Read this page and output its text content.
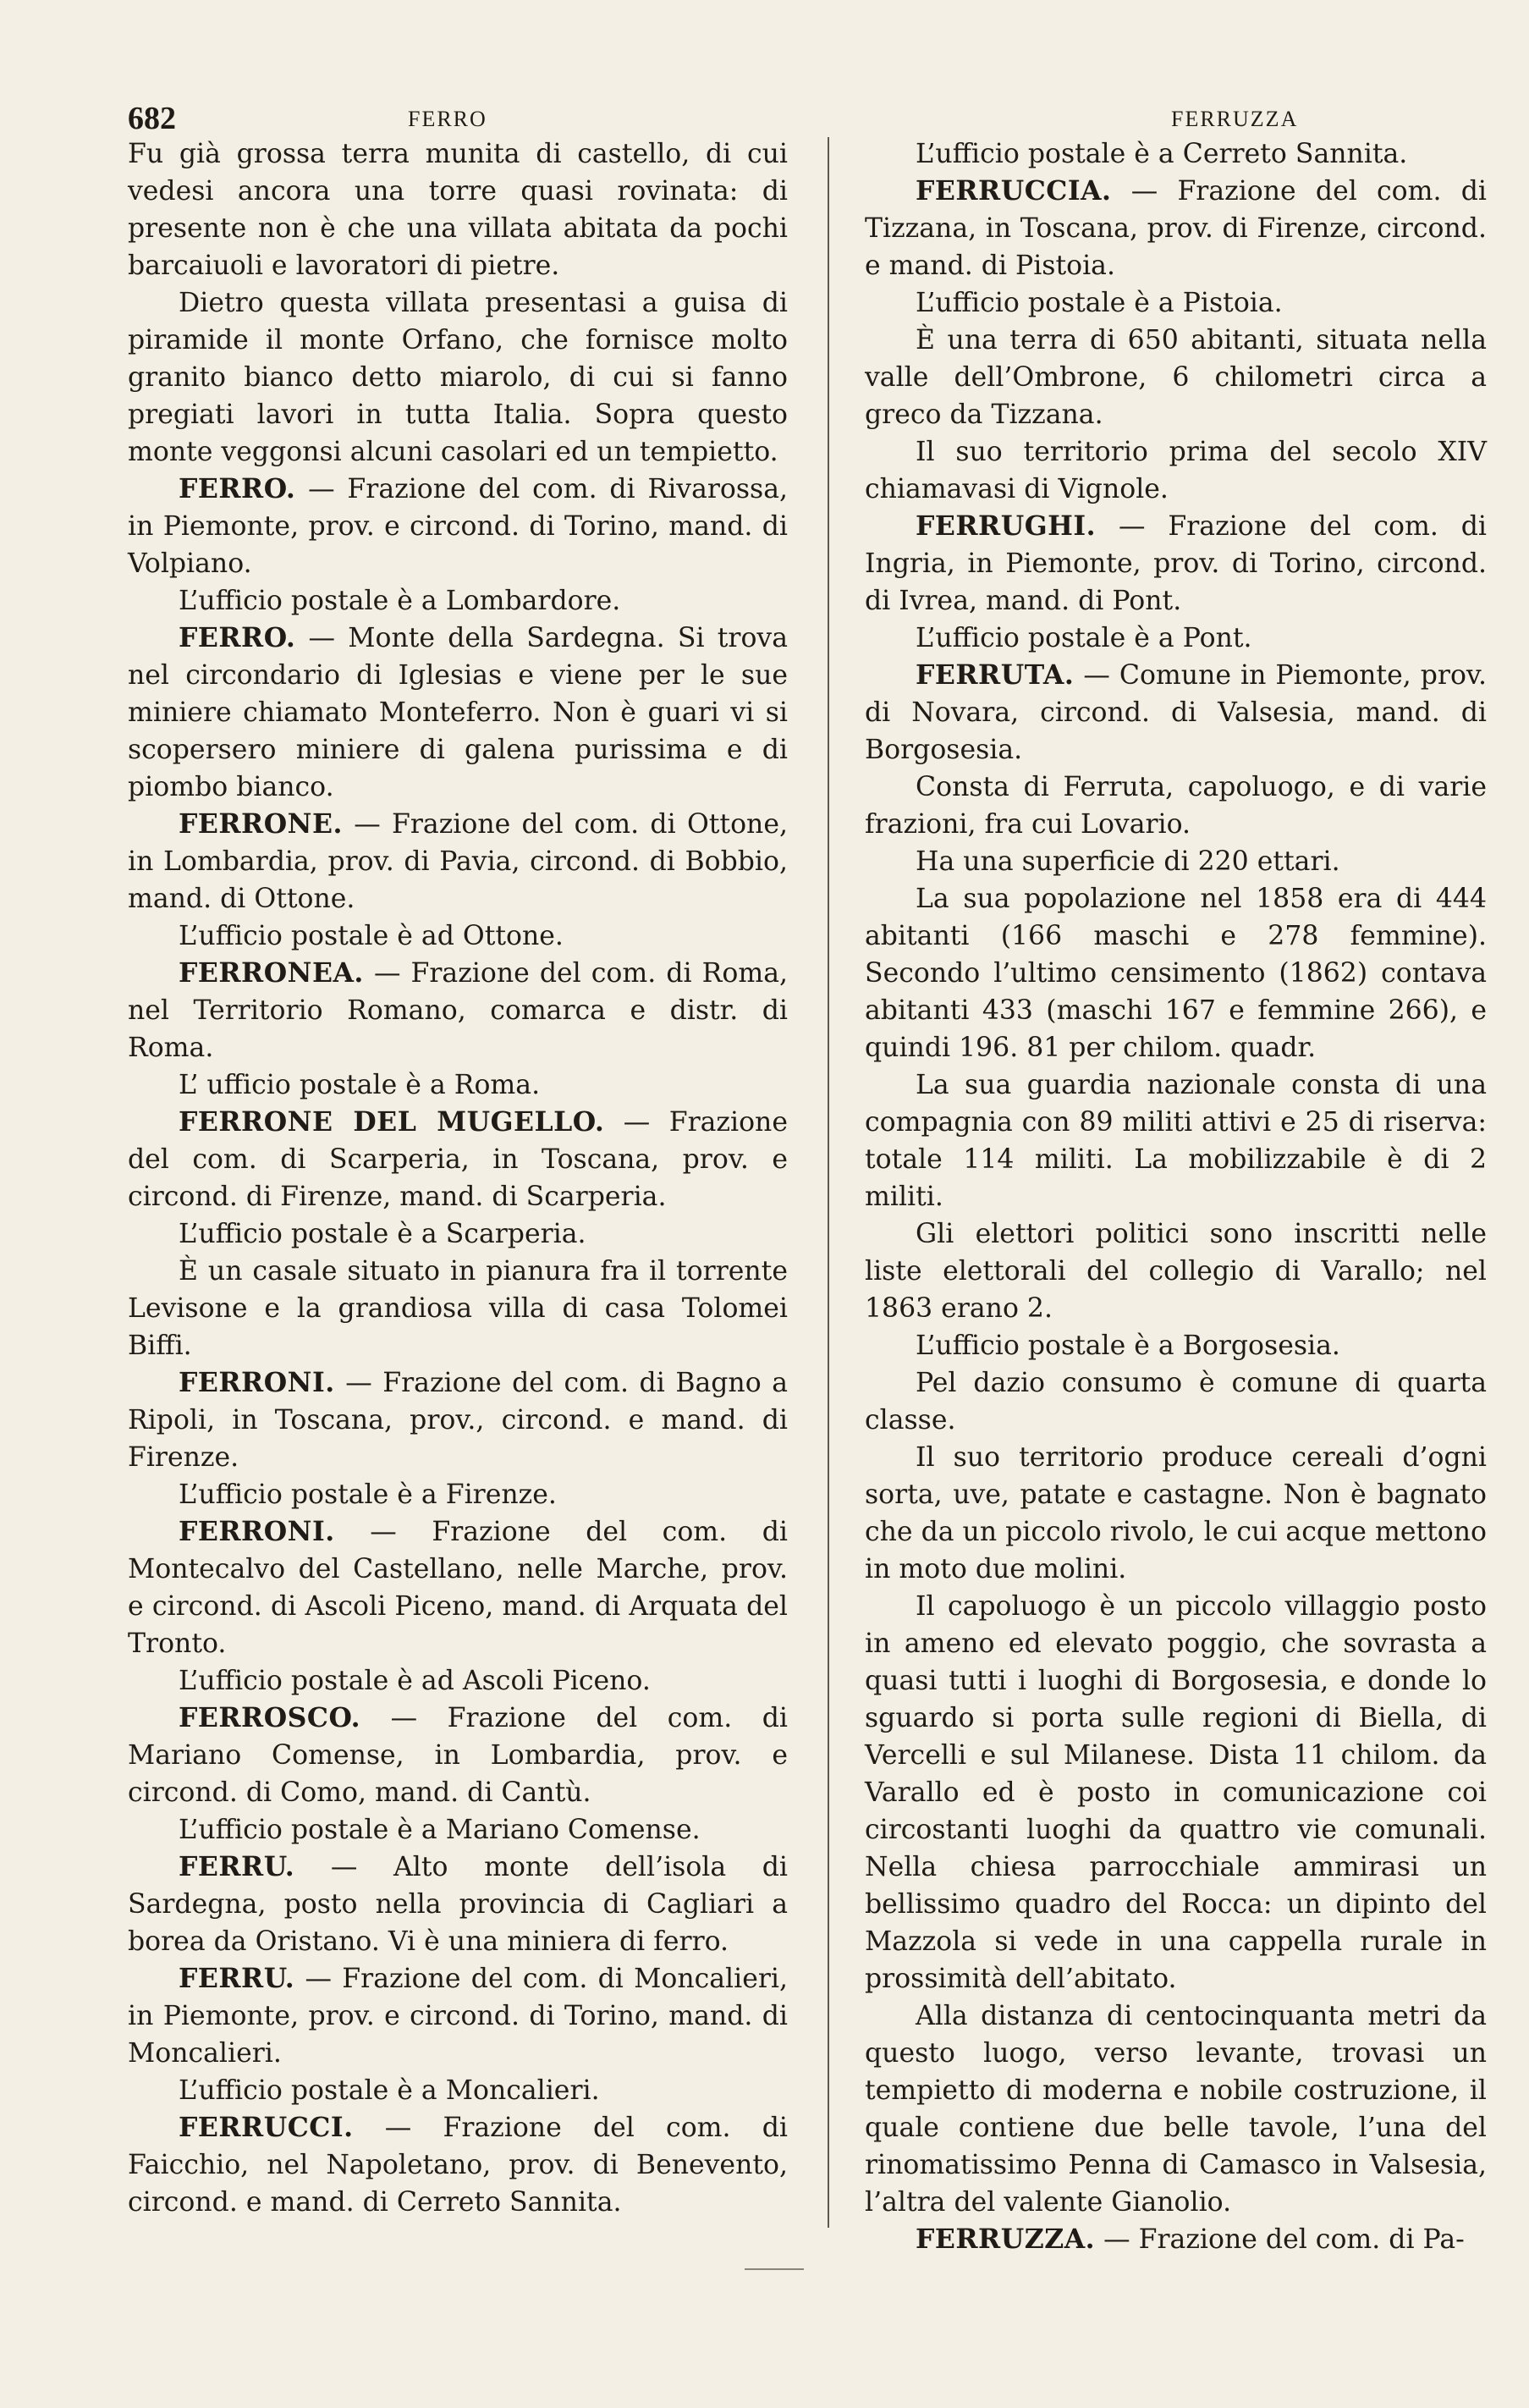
682	FERRO	FERRUZZA

Fu già grossa terra munita di castello, di cui vedesi ancora una torre quasi rovinata: di presente non è che una villata abitata da pochi barcaiuoli e lavoratori di pietre.

Dietro questa villata presentasi a guisa di piramide il monte Orfano, che fornisce molto granito bianco detto miarolo, di cui si fanno pregiati lavori in tutta Italia. Sopra questo monte veggonsi alcuni casolari ed un tempietto.

FERRO. — Frazione del com. di Rivarossa, in Piemonte, prov. e circond. di Torino, mand. di Volpiano.

L’ufficio postale è a Lombardore.

FERRO. — Monte della Sardegna. Si trova nel circondario di Iglesias e viene per le sue miniere chiamato Monteferro. Non è guari vi si scopersero miniere di galena purissima e di piombo bianco.

FERRONE. — Frazione del com. di Ottone, in Lombardia, prov. di Pavia, circond. di Bobbio, mand. di Ottone.

L’ufficio postale è ad Ottone.

FERRONEA. — Frazione del com. di Roma, nel Territorio Romano, comarca e distr. di Roma.

L’ ufficio postale è a Roma.

FERRONE DEL MUGELLO. — Frazione del com. di Scarperia, in Toscana, prov. e circond. di Firenze, mand. di Scarperia.

L’ufficio postale è a Scarperia.

È un casale situato in pianura fra il torrente Levisone e la grandiosa villa di casa Tolomei Biffi.

FERRONI. — Frazione del com. di Bagno a Ripoli, in Toscana, prov., circond. e mand. di Firenze.

L’ufficio postale è a Firenze.

FERRONI. — Frazione del com. di Montecalvo del Castellano, nelle Marche, prov. e circond. di Ascoli Piceno, mand. di Arquata del Tronto.

L’ufficio postale è ad Ascoli Piceno.

FERROSCO. — Frazione del com. di Mariano Comense, in Lombardia, prov. e circond. di Como, mand. di Cantù.

L’ufficio postale è a Mariano Comense.

FERRU. — Alto monte dell’isola di Sardegna, posto nella provincia di Cagliari a borea da Oristano. Vi è una miniera di ferro.

FERRU. — Frazione del com. di Moncalieri, in Piemonte, prov. e circond. di Torino, mand. di Moncalieri.

L’ufficio postale è a Moncalieri.

FERRUCCI. — Frazione del com. di Faicchio, nel Napoletano, prov. di Benevento, circond. e mand. di Cerreto Sannita.

L’ufficio postale è a Cerreto Sannita.

FERRUCCIA. — Frazione del com. di Tizzana, in Toscana, prov. di Firenze, circond. e mand. di Pistoia.

L’ufficio postale è a Pistoia.

È una terra di 650 abitanti, situata nella valle dell’Ombrone, 6 chilometri circa a greco da Tizzana.

Il suo territorio prima del secolo XIV chiamavasi di Vignole.

FERRUGHI. — Frazione del com. di Ingria, in Piemonte, prov. di Torino, circond. di Ivrea, mand. di Pont.

L’ufficio postale è a Pont.

FERRUTA. — Comune in Piemonte, prov. di Novara, circond. di Valsesia, mand. di Borgosesia.

Consta di Ferruta, capoluogo, e di varie frazioni, fra cui Lovario.

Ha una superficie di 220 ettari.

La sua popolazione nel 1858 era di 444 abitanti (166 maschi e 278 femmine). Secondo l’ultimo censimento (1862) contava abitanti 433 (maschi 167 e femmine 266), e quindi 196. 81 per chilom. quadr.

La sua guardia nazionale consta di una compagnia con 89 militi attivi e 25 di riserva: totale 114 militi. La mobilizzabile è di 2 militi.

Gli elettori politici sono inscritti nelle liste elettorali del collegio di Varallo; nel 1863 erano 2.

L’ufficio postale è a Borgosesia.

Pel dazio consumo è comune di quarta classe.

Il suo territorio produce cereali d’ogni sorta, uve, patate e castagne. Non è bagnato che da un piccolo rivolo, le cui acque mettono in moto due molini.

Il capoluogo è un piccolo villaggio posto in ameno ed elevato poggio, che sovrasta a quasi tutti i luoghi di Borgosesia, e donde lo sguardo si porta sulle regioni di Biella, di Vercelli e sul Milanese. Dista 11 chilom. da Varallo ed è posto in comunicazione coi circostanti luoghi da quattro vie comunali. Nella chiesa parrocchiale ammirasi un bellissimo quadro del Rocca: un dipinto del Mazzola si vede in una cappella rurale in prossimità dell’abitato.

Alla distanza di centocinquanta metri da questo luogo, verso levante, trovasi un tempietto di moderna e nobile costruzione, il quale contiene due belle tavole, l’una del rinomatissimo Penna di Camasco in Valsesia, l’altra del valente Gianolio.

FERRUZZA. — Frazione del com. di Pa-
